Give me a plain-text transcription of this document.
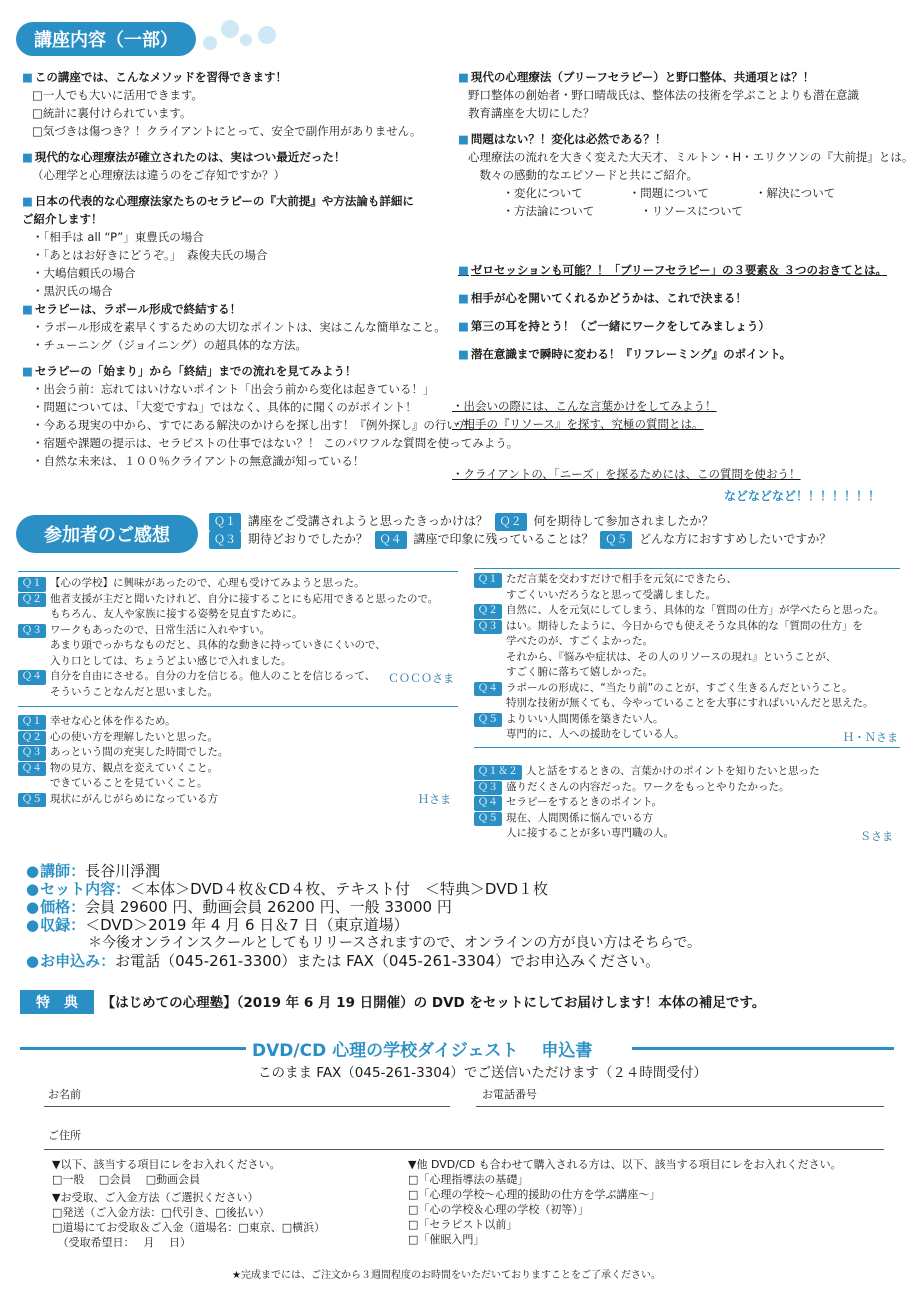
講座内容（一部）
■ この講座では、こんなメソッドを習得できます！
□一人でも大いに活用できます。
□統計に裏付けられています。
□気づきは傷つき？！クライアントにとって、安全で副作用がありません。
■ 現代的な心理療法が確立されたのは、実はつい最近だった！
（心理学と心理療法は違うのをご存知ですか？）
■ 日本の代表的な心理療法家たちのセラピーの『大前提』や方法論も詳細に
ご紹介します！
・「相手は all “P”」東豊氏の場合
・「あとはお好きにどうぞ。」　森俊夫氏の場合
・大嶋信頼氏の場合
・黒沢氏の場合
■ セラピーは、ラポール形成で終結する！
・ラポール形成を素早くするための大切なポイントは、実はこんな簡単なこと。
・チューニング（ジョイニング）の超具体的な方法。
■ セラピーの「始まり」から「終結」までの流れを見てみよう！
・出会う前：忘れてはいけないポイント「出会う前から変化は起きている！」
・問題については、「大変ですね」ではなく、具体的に聞くのがポイント！
・今ある現実の中から、すでにある解決のかけらを探し出す！『例外探し』の行い方。
・宿题や課題の提示は、セラピストの仕事ではない？！ このパワフルな質問を使ってみよう。
・自然な未来は、１００％クライアントの無意識が知っている！
■ 現代の心理療法（ブリーフセラピー）と野口整体、共通項とは？！
野口整体の創始者・野口晴哉氏は、整体法の技術を学ぶことよりも潜在意識
教育講座を大切にした？
■ 問題はない？！変化は必然である？！
心理療法の流れを大きく変えた大天才、ミルトン・H・エリクソンの『大前提』とは。
　数々の感動的なエピソードと共にご紹介。
　　　・変化について　　　　・問題について　　　　・解決について
　　　・方法論について　　　　・リソースについて
■ ゼロセッションも可能？！「ブリーフセラピー」の３要素＆ ３つのおきてとは。
■ 相手が心を開いてくれるかどうかは、これで決まる！
■ 第三の耳を持とう！（ご一緒にワークをしてみましょう）
■ 潜在意識まで瞬時に変わる！『リフレーミング』のポイント。
・出会いの際には、こんな言葉かけをしてみよう！
・相手の『リソース』を探す、究極の質問とは。
・クライアントの、「ニーズ」を探るためには、この質問を使おう！
などなどなど！！！！！！！
参加者のご感想
Ｑ１ 講座をご受講されようと思ったきっかけは？ Ｑ２ 何を期待して参加されましたか？
Ｑ３ 期待どおりでしたか？ Ｑ４ 講座で印象に残っていることは？ Ｑ５ どんな方におすすめしたいですか？
Ｑ１ 【心の学校】に興味があったので、心理も受けてみようと思った。
Ｑ２ 他者支援が主だと聞いたけれど、自分に接することにも応用できると思ったので。
もちろん、友人や家族に接する姿勢を見直すために。
Ｑ３ ワークもあったので、日常生活に入れやすい。
あまり頭でっかちなものだと、具体的な動きに持っていきにくいので、
入り口としては、ちょうどよい感じで入れました。
Ｑ４ 自分を自由にさせる。自分の力を信じる。他人のことを信じるって、
そういうことなんだと思いました。
ＣＯＣＯさま
Ｑ１ 幸せな心と体を作るため。
Ｑ２ 心の使い方を理解したいと思った。
Ｑ３ あっという間の充実した時間でした。
Ｑ４ 物の見方、観点を変えていくこと。
できていることを見ていくこと。
Ｑ５ 現状にがんじがらめになっている方	Ｈさま
Ｑ１ ただ言葉を交わすだけで相手を元気にできたら、
すごくいいだろうなと思って受講しました。
Ｑ２ 自然に、人を元気にしてしまう、具体的な「質問の仕方」が学べたらと思った。
Ｑ３ はい。期待したように、今日からでも使えそうな具体的な「質問の仕方」を
学べたのが、すごくよかった。
それから、『悩みや症状は、その人のリソースの現れ』ということが、
すごく腑に落ちて嬉しかった。
Ｑ４ ラポールの形成に、“当たり前”のことが、すごく生きるんだということ。
特別な技術が無くても、今やっていることを大事にすればいいんだと思えた。
Ｑ５ よりいい人間関係を築きたい人。
専門的に、人への援助をしている人。	Ｈ・Ｎさま
Ｑ１＆２ 人と話をするときの、言葉かけのポイントを知りたいと思った
Ｑ３ 盛りだくさんの内容だった。ワークをもっとやりたかった。
Ｑ４ セラピーをするときのポイント。
Ｑ５ 現在、人間関係に悩んでいる方
人に接することが多い専門職の人。	Ｓさま
● 講師：長谷川淨潤
● セット内容：＜本体＞DVD４枚＆CD４枚、テキスト付　＜特典＞DVD１枚
● 価格：会員 29600 円、動画会員 26200 円、一般 33000 円
● 収録：＜DVD＞2019 年 4 月 6 日＆7 日（東京道場）
＊今後オンラインスクールとしてもリリースされますので、オンラインの方が良い方はそちらで。
● お申込み：お電話（045-261-3300）または FAX（045-261-3304）でお申込みください。
特　典 【はじめての心理塾】（2019 年 6 月 19 日開催）の DVD をセットにしてお届けします！本体の補足です。
DVD/CD 心理の学校ダイジェスト　 申込書
このまま FAX（045-261-3304）でご送信いただけます（２４時間受付）
お名前	お電話番号
ご住所
▼以下、該当する項目にレをお入れください。
□一般　 □会員　 □動画会員
▼お受取、ご入金方法（ご選択ください）
□発送（ご入金方法：□代引き、□後払い）
□道場にてお受取＆ご入金（道場名：□東京、□横浜）
　（受取希望日：　 月　 日）
▼他 DVD/CD も合わせて購入される方は、以下、該当する項目にレをお入れください。
□「心理指導法の基礎」
□「心理の学校～心理的援助の仕方を学ぶ講座～」
□「心の学校＆心理の学校（初等）」
□「セラピスト以前」
□「催眠入門」
★完成までには、ご注文から３週間程度のお時間をいただいておりますことをご了承ください。
